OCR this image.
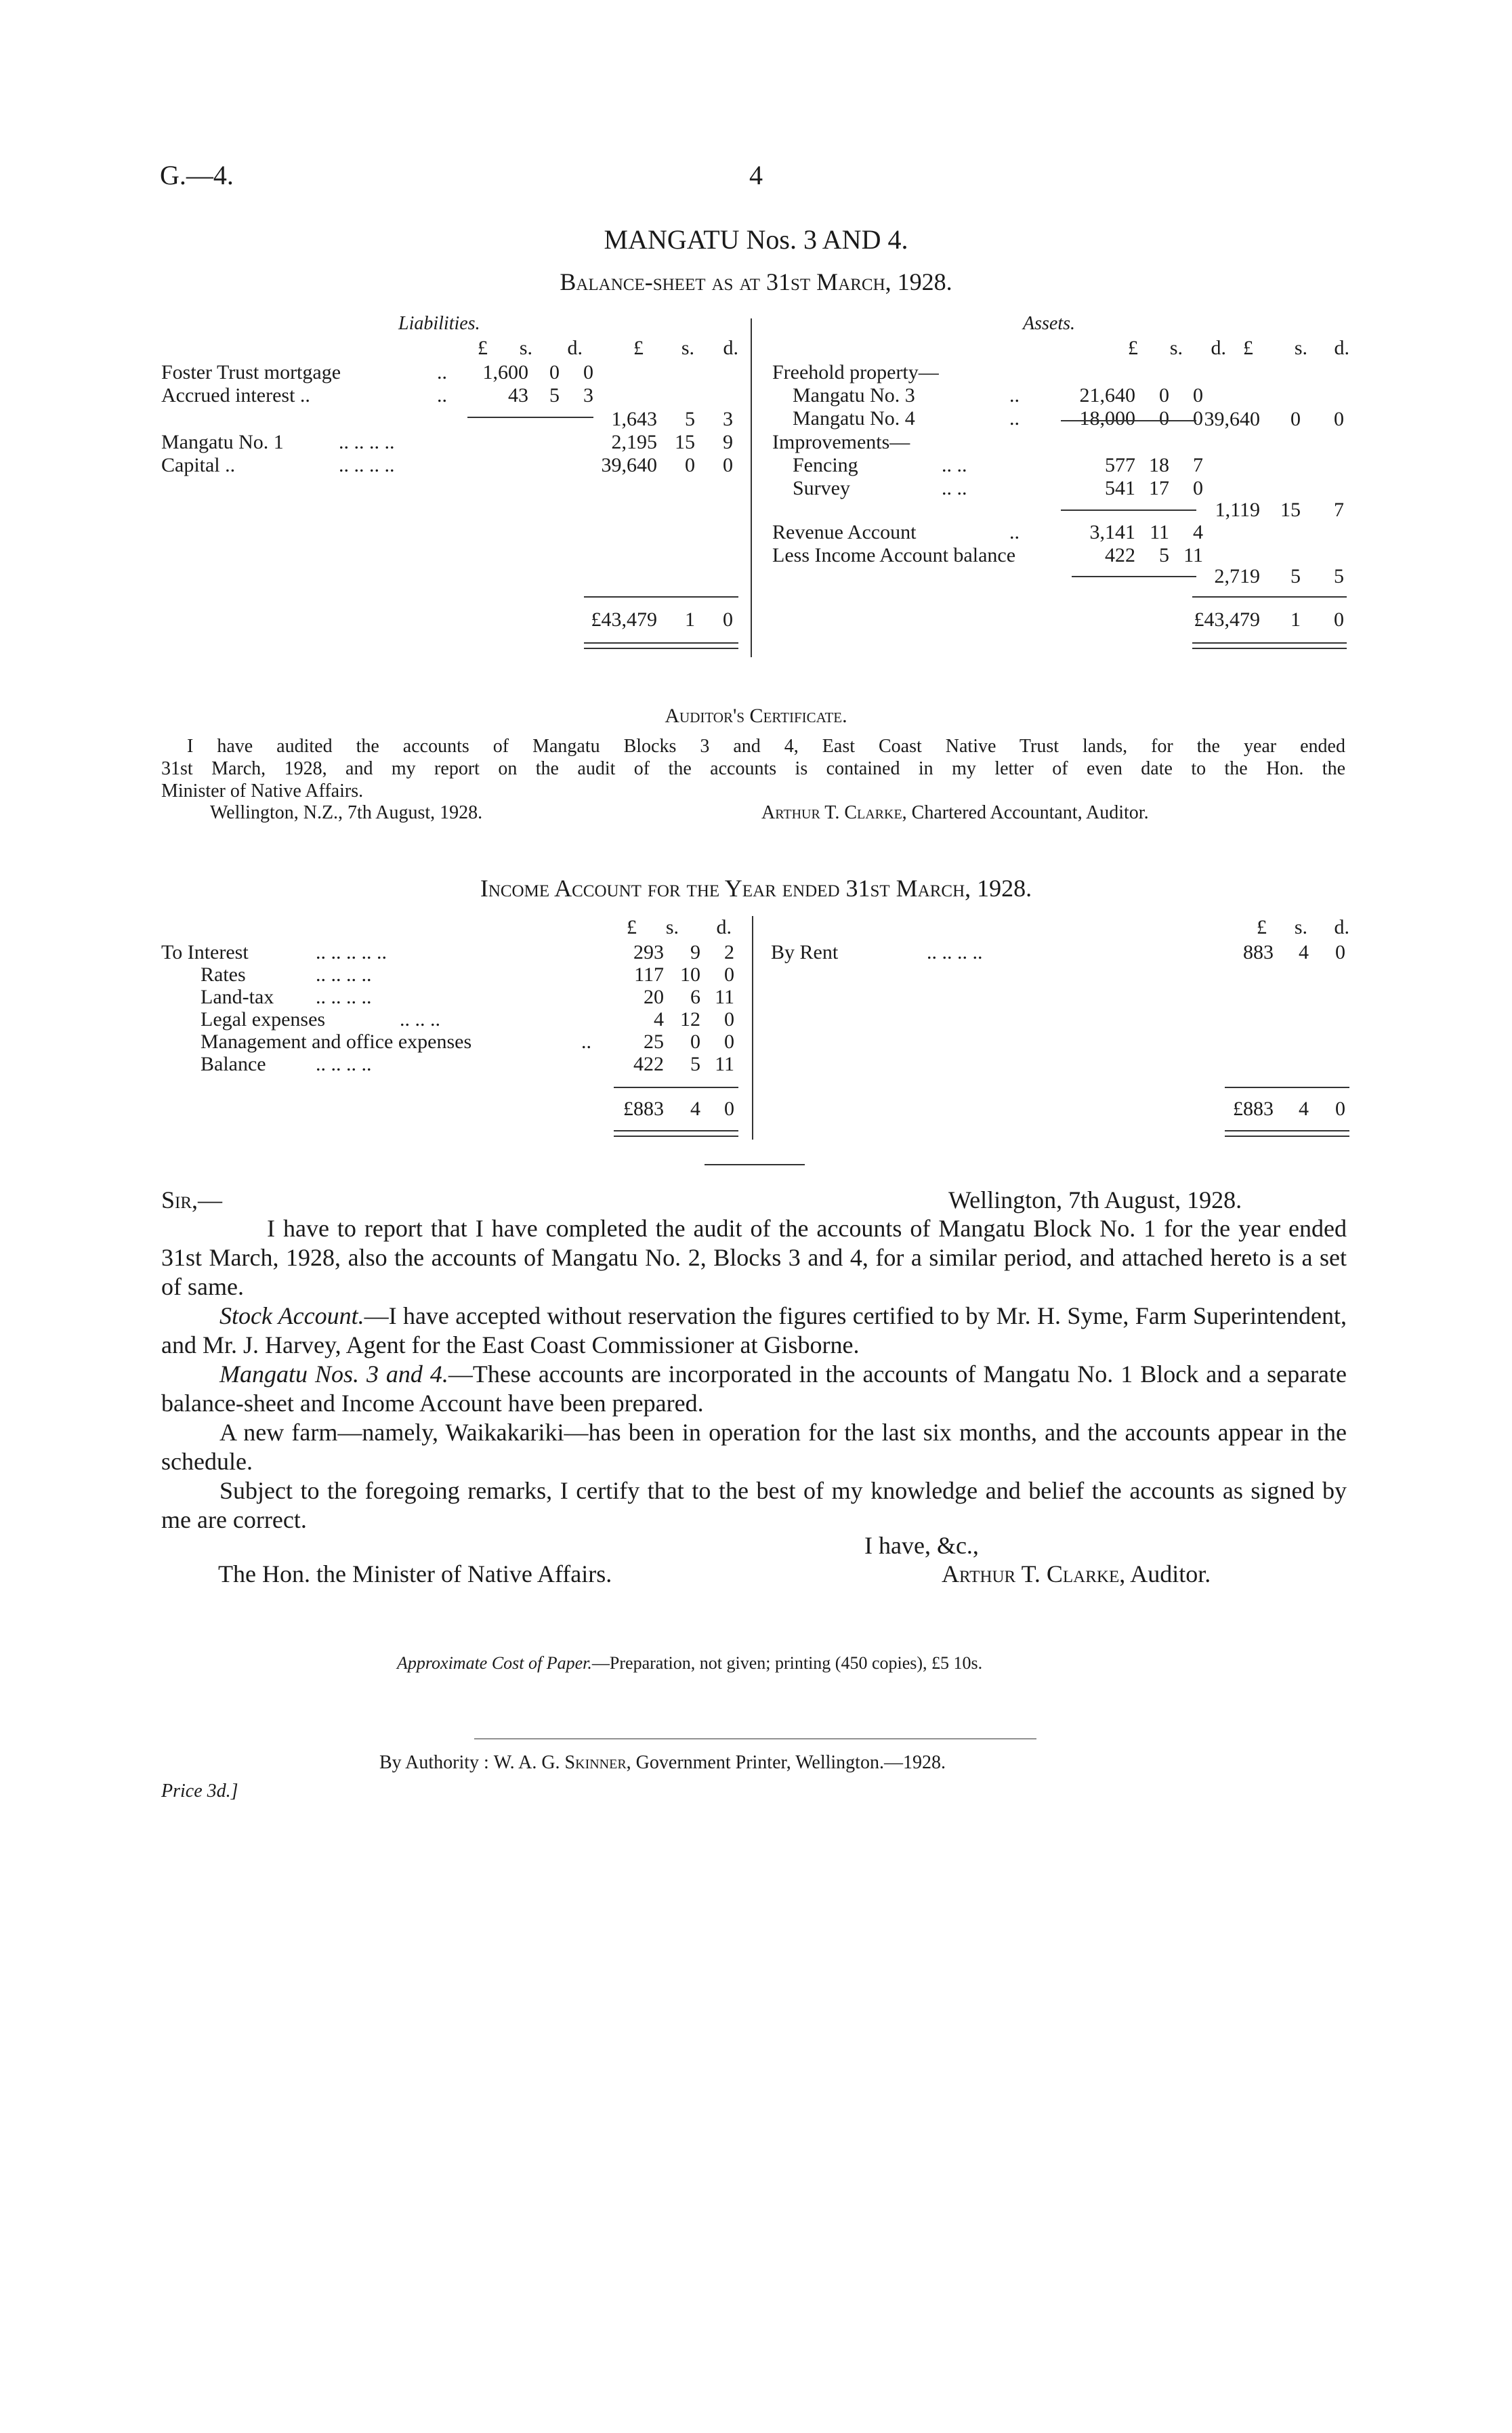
G.—4.	4
MANGATU Nos. 3 AND 4.
Balance-sheet as at 31st March, 1928.
Liabilities.	Assets.
£	s.	d.	£	s.	d.
Foster Trust mortgage	..	1,600	0	0
Accrued interest ..	..	43	5	3
1,643	5	3
Mangatu No. 1	.. .. .. ..	2,195 15	9
Capital ..	.. .. .. ..	39,640	0	0
£43,479	1	0
£	s.	d. £	s.	d.
Freehold property—
Mangatu No. 3	..	21,640	0	0
Mangatu No. 4	..	18,000	0	0 39,640	0	0
Improvements—
Fencing	.. ..	577 18	7
Survey	.. ..	541 17	0
1,119	15	7
Revenue Account	..	3,141 11	4
Less Income Account balance	422	5 11
2,719	5	5
£43,479	1	0
Auditor's Certificate.
I have audited the accounts of Mangatu Blocks 3 and 4, East Coast Native Trust lands, for the year ended
31st March, 1928, and my report on the audit of the accounts is contained in my letter of even date to the Hon. the
Minister of Native Affairs.
Wellington, N.Z., 7th August, 1928.	Arthur T. Clarke, Chartered Accountant, Auditor.
Income Account for the Year ended 31st March, 1928.
£	s.	d.	£	s.	d.
To Interest	.. .. .. .. ..	293	9	2
Rates	.. .. .. ..	117 10	0
Land-tax .. .. .. ..	20	6 11
Legal expenses	.. .. ..	4 12	0
Management and office expenses	..	25	0	0
Balance .. .. .. ..	422	5 11
£883	4	0
By Rent	.. .. .. ..	883	4	0
£883	4	0
Sir,—	Wellington, 7th August, 1928.
I have to report that I have completed the audit of the accounts of Mangatu Block No. 1 for the year ended 31st March, 1928, also the accounts of Mangatu No. 2, Blocks 3 and 4, for a similar period, and attached hereto is a set of same.
Stock Account.—I have accepted without reservation the figures certified to by Mr. H. Syme, Farm Superintendent, and Mr. J. Harvey, Agent for the East Coast Commissioner at Gisborne.
Mangatu Nos. 3 and 4.—These accounts are incorporated in the accounts of Mangatu No. 1 Block and a separate balance-sheet and Income Account have been prepared.
A new farm—namely, Waikakariki—has been in operation for the last six months, and the accounts appear in the schedule.
Subject to the foregoing remarks, I certify that to the best of my knowledge and belief the accounts as signed by me are correct.
I have, &c.,
The Hon. the Minister of Native Affairs.	Arthur T. Clarke, Auditor.
Approximate Cost of Paper.—Preparation, not given; printing (450 copies), £5 10s.
By Authority : W. A. G. Skinner, Government Printer, Wellington.—1928.
Price 3d.]
